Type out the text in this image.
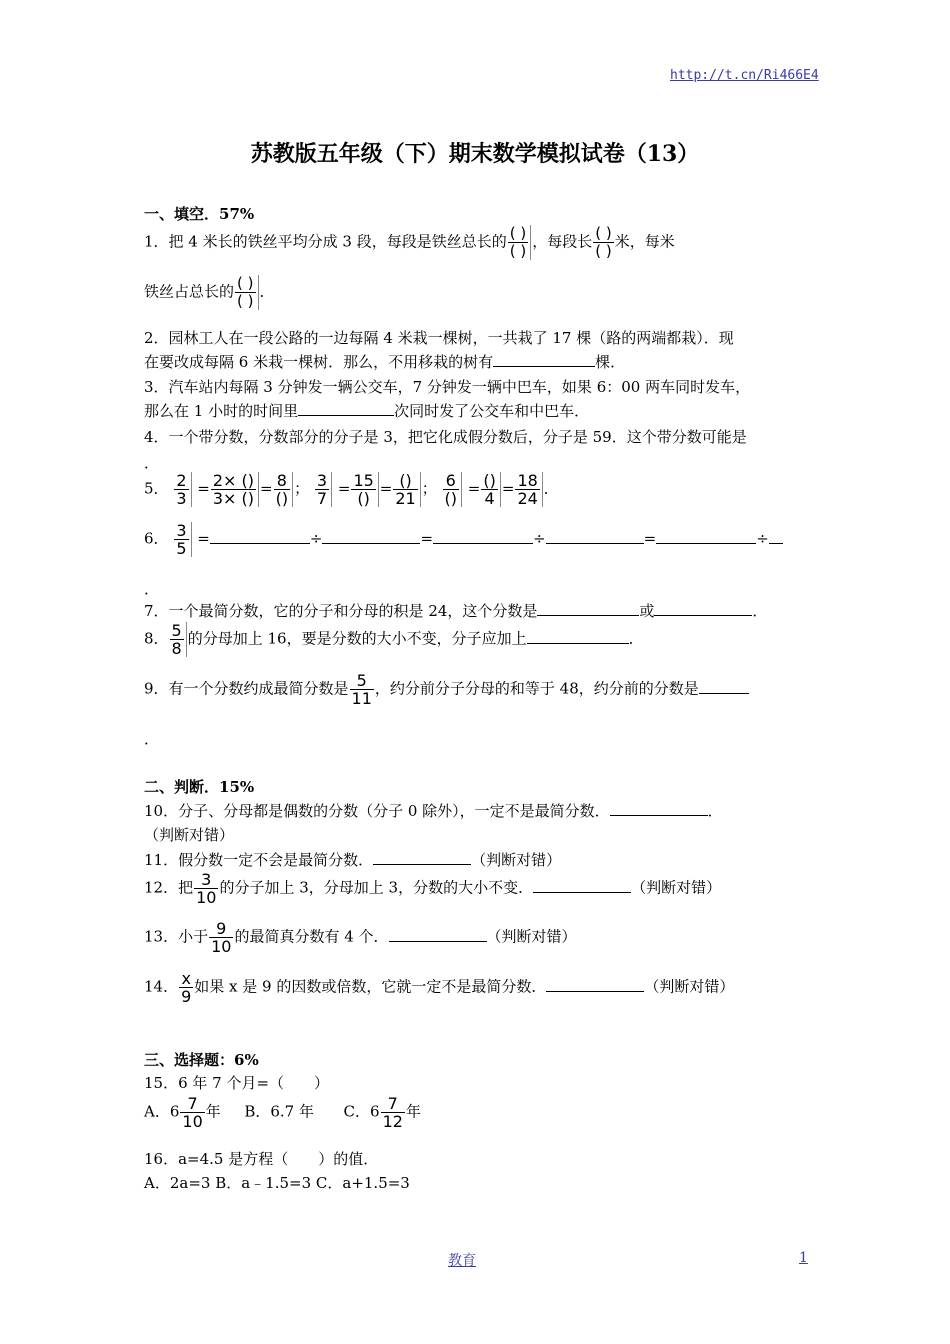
http://t.cn/Ri466E4
苏教版五年级（下）期末数学模拟试卷（13）
一、填空．57%
1．把 4 米长的铁丝平均分成 3 段，每段是铁丝总长的 $\frac{( )}{( )}$ ，每段长 $\frac{( )}{( )}$ 米，每米
铁丝占总长的 $\frac{( )}{( )}$ ．
2．园林工人在一段公路的一边每隔 4 米栽一棵树，一共栽了 17 棵（路的两端都栽）．现
在要改成每隔 6 米栽一棵树．那么，不用移栽的树有	棵．
3．汽车站内每隔 3 分钟发一辆公交车，7 分钟发一辆中巴车，如果 6：00 两车同时发车，
那么在 1 小时的时间里	次同时发了公交车和中巴车．
4．一个带分数，分数部分的分子是 3，把它化成假分数后，分子是 59．这个带分数可能是
．
5． $\frac{2}{3} = \frac{2\times ()}{3\times ()} = \frac{8}{()}$ ； $\frac{3}{7} = \frac{15}{()} = \frac{()}{21}$ ； $\frac{6}{()} = \frac{()}{4} = \frac{18}{24}$ ．
6． $\frac{3}{5}$ =	÷	=	÷	=	÷
．
7．一个最简分数，它的分子和分母的积是 24，这个分数是	或	．
8． $\frac{5}{8}$ 的分母加上 16，要是分数的大小不变，分子应加上	．
9．有一个分数约成最简分数是 $\frac{5}{11}$ ，约分前分子分母的和等于 48，约分前的分数是
．
二、判断．15%
10．分子、分母都是偶数的分数（分子 0 除外），一定不是最简分数．	．
（判断对错）
11．假分数一定不会是最简分数．	（判断对错）
12．把 $\frac{3}{10}$ 的分子加上 3，分母加上 3，分数的大小不变．	（判断对错）
13．小于 $\frac{9}{10}$ 的最简真分数有 4 个．	（判断对错）
14． $\frac{x}{9}$ 如果 x 是 9 的因数或倍数，它就一定不是最简分数．	（判断对错）
三、选择题：6%
15．6 年 7 个月=（　　）
A．$6 \frac{7}{10}$ 年 B．6.7 年 C．$6 \frac{7}{12}$ 年
16．a=4.5 是方程（　　）的值．
A．2a=3 B．a﹣1.5=3 C．a+1.5=3
教育	1
